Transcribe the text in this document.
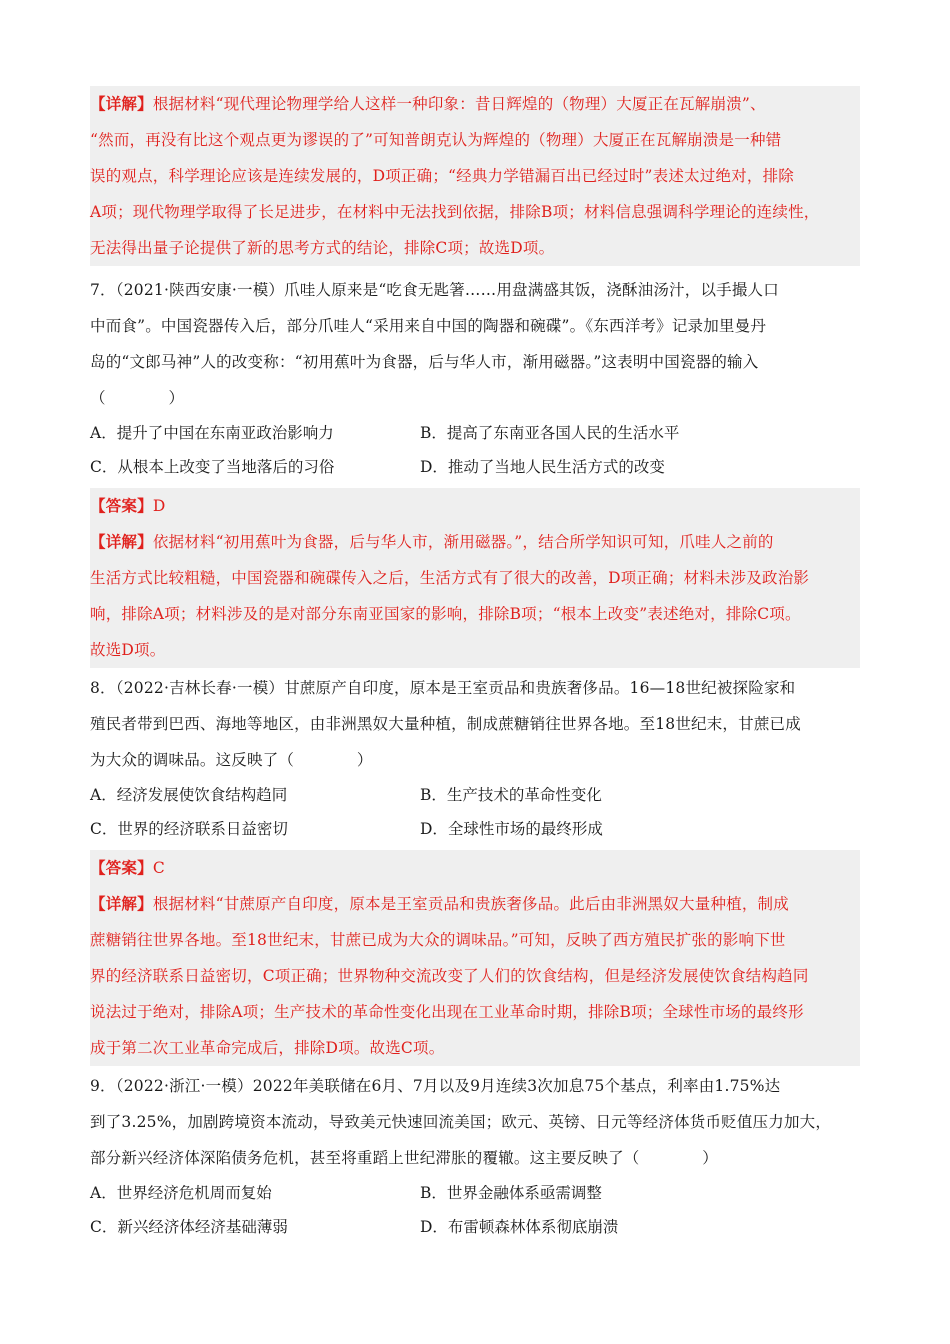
【详解】根据材料“现代理论物理学给人这样一种印象：昔日辉煌的（物理）大厦正在瓦解崩溃”、
“然而，再没有比这个观点更为谬误的了”可知普朗克认为辉煌的（物理）大厦正在瓦解崩溃是一种错
误的观点，科学理论应该是连续发展的，D项正确；“经典力学错漏百出已经过时”表述太过绝对，排除
A项；现代物理学取得了长足进步，在材料中无法找到依据，排除B项；材料信息强调科学理论的连续性，
无法得出量子论提供了新的思考方式的结论，排除C项；故选D项。
7．（2021·陕西安康·一模）爪哇人原来是“吃食无匙箸……用盘满盛其饭，浇酥油汤汁，以手撮人口
中而食”。中国瓷器传入后，部分爪哇人“采用来自中国的陶器和碗碟”。《东西洋考》记录加里曼丹
岛的“文郎马神”人的改变称：“初用蕉叶为食器，后与华人市，渐用磁器。”这表明中国瓷器的输入
（　　　　）
A．提升了中国在东南亚政治影响力	B．提高了东南亚各国人民的生活水平
C．从根本上改变了当地落后的习俗	D．推动了当地人民生活方式的改变
【答案】D
【详解】依据材料“初用蕉叶为食器，后与华人市，渐用磁器。”，结合所学知识可知，爪哇人之前的
生活方式比较粗糙，中国瓷器和碗碟传入之后，生活方式有了很大的改善，D项正确；材料未涉及政治影
响，排除A项；材料涉及的是对部分东南亚国家的影响，排除B项；“根本上改变”表述绝对，排除C项。
故选D项。
8．（2022·吉林长春·一模）甘蔗原产自印度，原本是王室贡品和贵族奢侈品。16—18世纪被探险家和
殖民者带到巴西、海地等地区，由非洲黑奴大量种植，制成蔗糖销往世界各地。至18世纪末，甘蔗已成
为大众的调味品。这反映了（　　　　）
A．经济发展使饮食结构趋同	B．生产技术的革命性变化
C．世界的经济联系日益密切	D．全球性市场的最终形成
【答案】C
【详解】根据材料“甘蔗原产自印度，原本是王室贡品和贵族奢侈品。此后由非洲黑奴大量种植，制成
蔗糖销往世界各地。至18世纪末，甘蔗已成为大众的调味品。”可知，反映了西方殖民扩张的影响下世
界的经济联系日益密切，C项正确；世界物种交流改变了人们的饮食结构，但是经济发展使饮食结构趋同
说法过于绝对，排除A项；生产技术的革命性变化出现在工业革命时期，排除B项；全球性市场的最终形
成于第二次工业革命完成后，排除D项。故选C项。
9．（2022·浙江·一模）2022年美联储在6月、7月以及9月连续3次加息75个基点，利率由1.75%达
到了3.25%，加剧跨境资本流动，导致美元快速回流美国；欧元、英镑、日元等经济体货币贬值压力加大，
部分新兴经济体深陷债务危机，甚至将重蹈上世纪滞胀的覆辙。这主要反映了（　　　　）
A．世界经济危机周而复始	B．世界金融体系亟需调整
C．新兴经济体经济基础薄弱	D．布雷顿森林体系彻底崩溃
